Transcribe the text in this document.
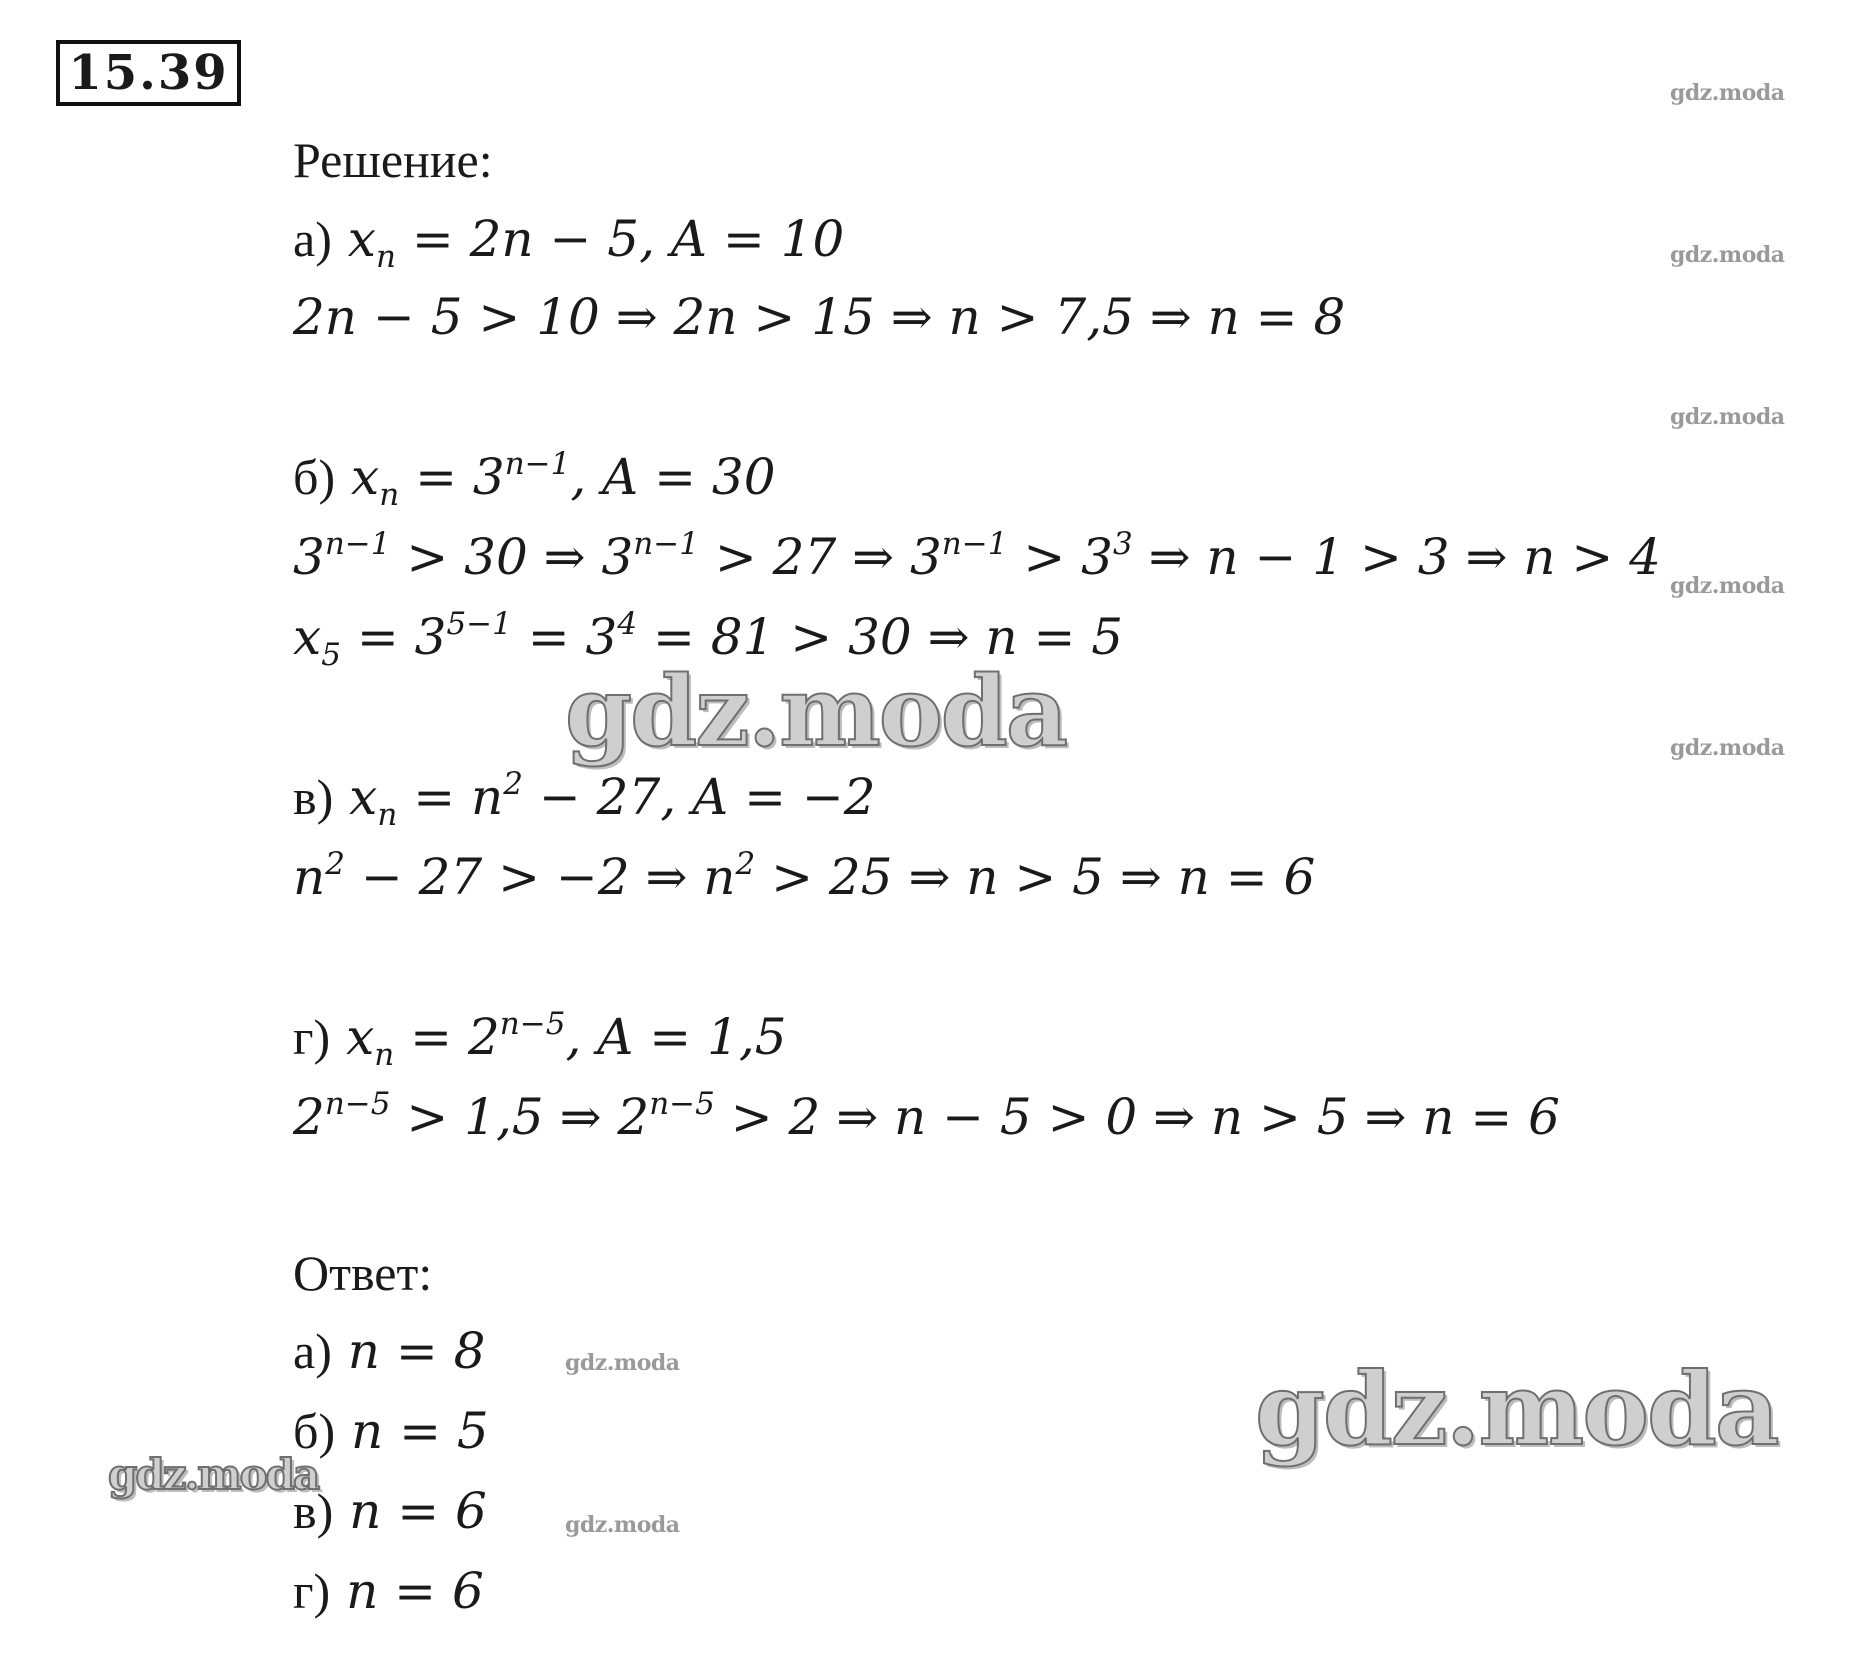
15.39
Решение:
а) $x_n = 2n - 5$, A = 10
2n − 5 > 10 ⇒ 2n > 15 ⇒ n > 7,5 ⇒ n = 8
б) $x_n = 3^{n-1}$, A = 30
$3^{n-1} > 30$ ⇒ $3^{n-1} > 27$ ⇒ $3^{n-1} > 3^3$ ⇒ n − 1 > 3 ⇒ n > 4
$x_5 = 3^{5-1} = 3^4 = 81 > 30$ ⇒ n = 5
в) $x_n = n^2 - 27$, A = −2
$n^2 - 27 > -2$ ⇒ $n^2 > 25$ ⇒ n > 5 ⇒ n = 6
г) $x_n = 2^{n-5}$, A = 1,5
$2^{n-5} > 1,5$ ⇒ $2^{n-5} > 2$ ⇒ n − 5 > 0 ⇒ n > 5 ⇒ n = 6
Ответ:
а) n = 8
б) n = 5
в) n = 6
г) n = 6
gdz.moda
gdz.moda
gdz.moda
gdz.moda
gdz.moda
gdz.moda
gdz.moda
gdz.moda
gdz.moda
gdz.moda
